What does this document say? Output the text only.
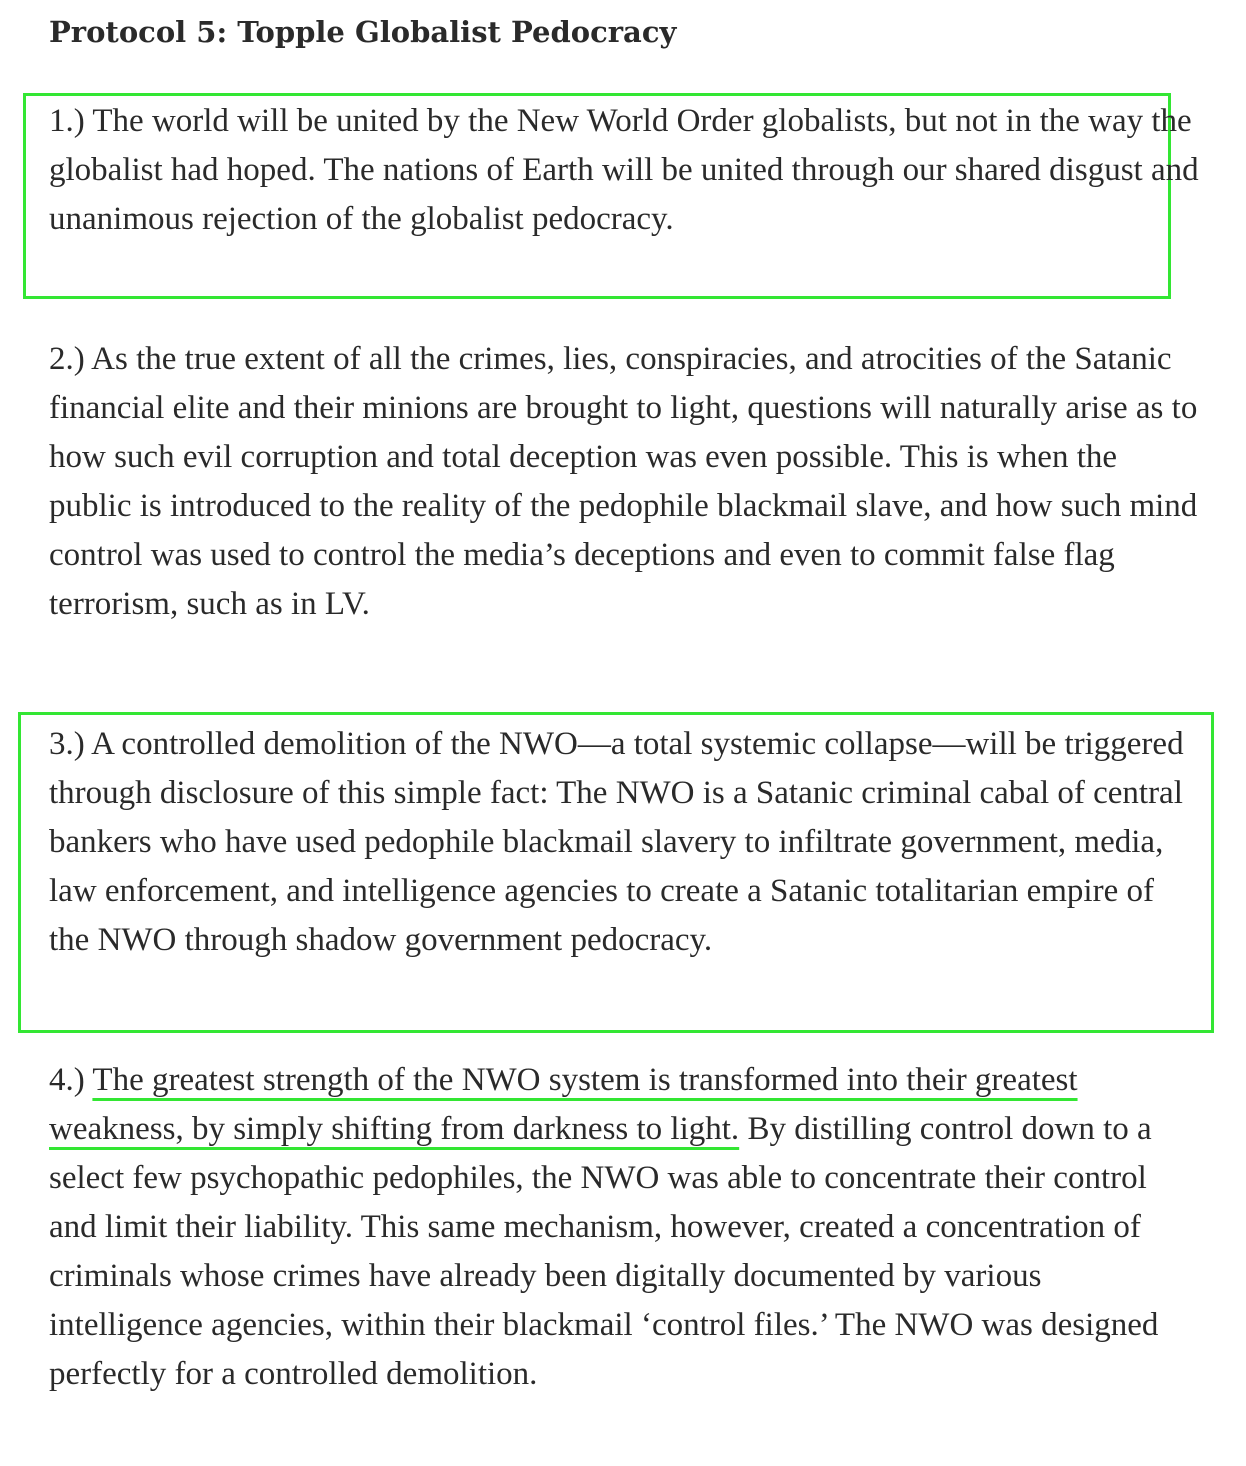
Protocol 5: Topple Globalist Pedocracy

1.) The world will be united by the New World Order globalists, but not in the way the globalist had hoped. The nations of Earth will be united through our shared disgust and unanimous rejection of the globalist pedocracy.

2.) As the true extent of all the crimes, lies, conspiracies, and atrocities of the Satanic financial elite and their minions are brought to light, questions will naturally arise as to how such evil corruption and total deception was even possible. This is when the public is introduced to the reality of the pedophile blackmail slave, and how such mind control was used to control the media’s deceptions and even to commit false flag terrorism, such as in LV.

3.) A controlled demolition of the NWO—a total systemic collapse—will be triggered through disclosure of this simple fact: The NWO is a Satanic criminal cabal of central bankers who have used pedophile blackmail slavery to infiltrate government, media, law enforcement, and intelligence agencies to create a Satanic totalitarian empire of the NWO through shadow government pedocracy.

4.) The greatest strength of the NWO system is transformed into their greatest weakness, by simply shifting from darkness to light. By distilling control down to a select few psychopathic pedophiles, the NWO was able to concentrate their control and limit their liability. This same mechanism, however, created a concentration of criminals whose crimes have already been digitally documented by various intelligence agencies, within their blackmail ‘control files.’ The NWO was designed perfectly for a controlled demolition.
